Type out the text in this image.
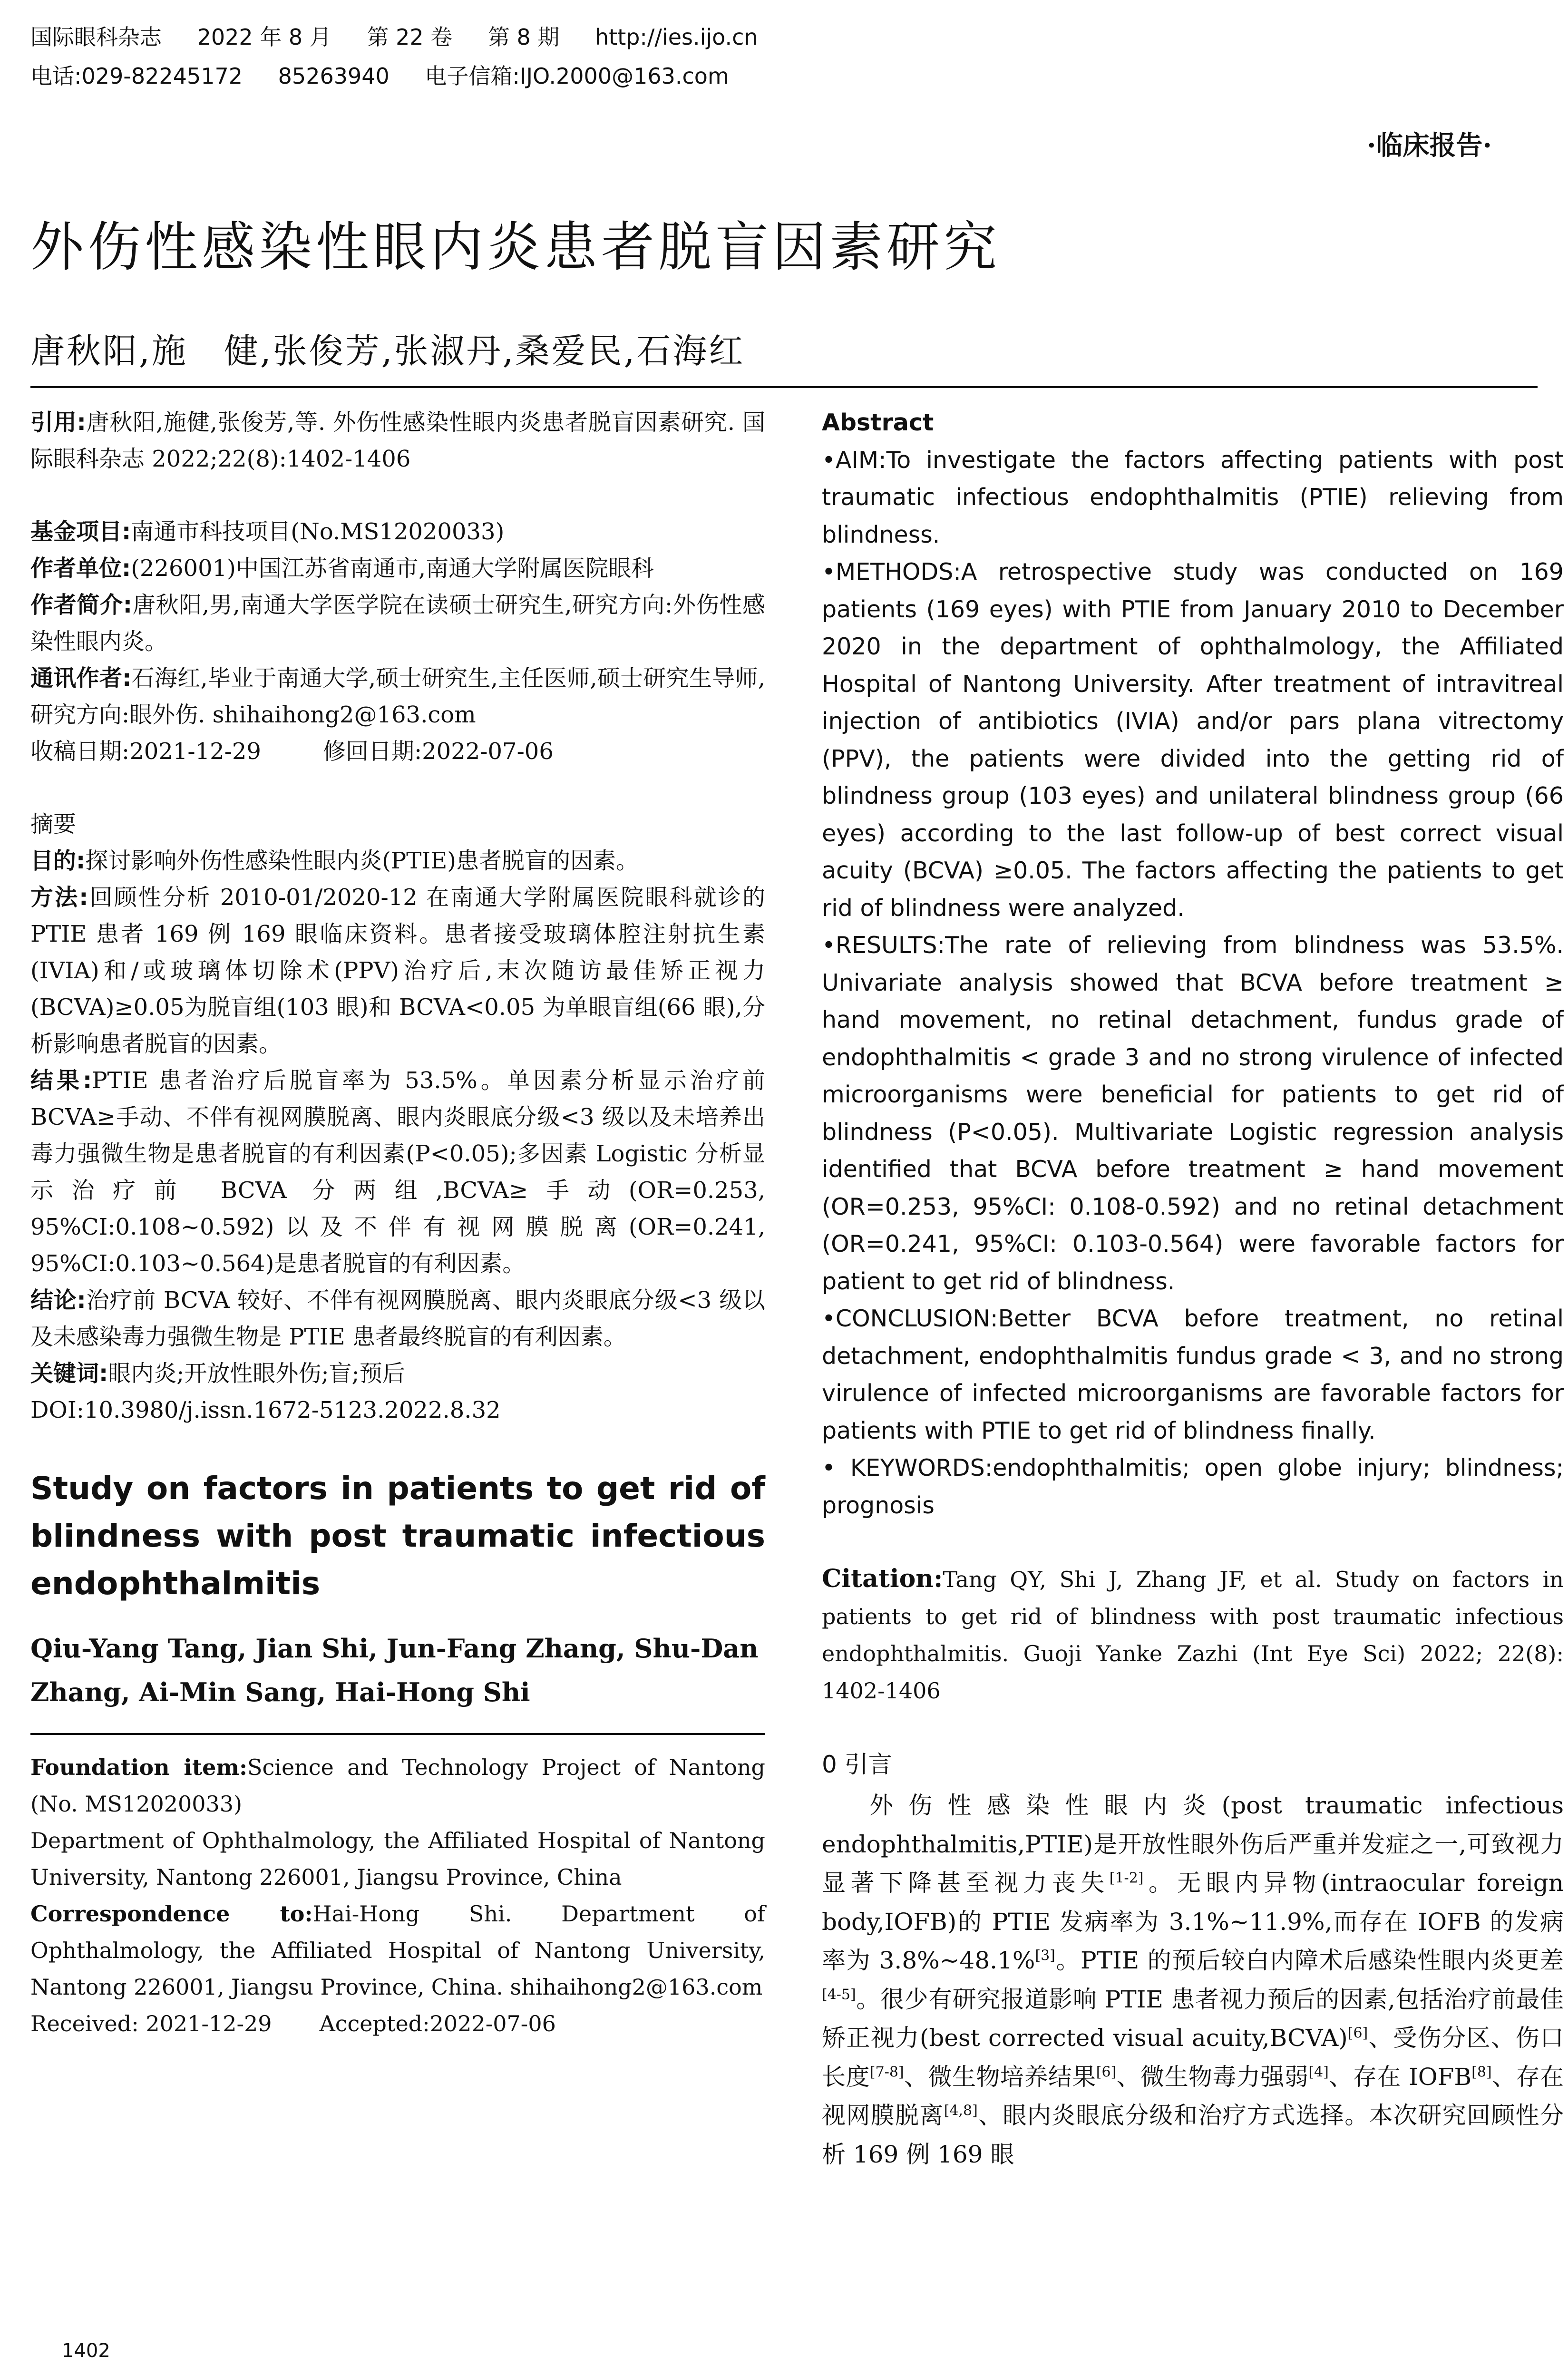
国际眼科杂志 2022 年 8 月 第 22 卷 第 8 期 http://ies.ijo.cn
电话:029-82245172 85263940 电子信箱:IJO.2000@163.com
·临床报告·
外伤性感染性眼内炎患者脱盲因素研究
唐秋阳,施　健,张俊芳,张淑丹,桑爱民,石海红

引用:唐秋阳,施健,张俊芳,等. 外伤性感染性眼内炎患者脱盲因素研究. 国际眼科杂志 2022;22(8):1402-1406

基金项目:南通市科技项目(No.MS12020033)

作者单位:(226001)中国江苏省南通市,南通大学附属医院眼科

作者简介:唐秋阳,男,南通大学医学院在读硕士研究生,研究方向:外伤性感染性眼内炎。

通讯作者:石海红,毕业于南通大学,硕士研究生,主任医师,硕士研究生导师,研究方向:眼外伤. shihaihong2@163.com

收稿日期:2021-12-29	修回日期:2022-07-06

摘要

目的:探讨影响外伤性感染性眼内炎(PTIE)患者脱盲的因素。

方法:回顾性分析 2010-01/2020-12 在南通大学附属医院眼科就诊的 PTIE 患者 169 例 169 眼临床资料。患者接受玻璃体腔注射抗生素(IVIA)和/或玻璃体切除术(PPV)治疗后,末次随访最佳矫正视力(BCVA)≥0.05为脱盲组(103 眼)和 BCVA<0.05 为单眼盲组(66 眼),分析影响患者脱盲的因素。

结果:PTIE 患者治疗后脱盲率为 53.5%。单因素分析显示治疗前 BCVA≥手动、不伴有视网膜脱离、眼内炎眼底分级<3 级以及未培养出毒力强微生物是患者脱盲的有利因素(P<0.05);多因素 Logistic 分析显示治疗前 BCVA 分两组,BCVA≥手动(OR=0.253, 95%CI:0.108~0.592)以及不伴有视网膜脱离(OR=0.241, 95%CI:0.103~0.564)是患者脱盲的有利因素。

结论:治疗前 BCVA 较好、不伴有视网膜脱离、眼内炎眼底分级<3 级以及未感染毒力强微生物是 PTIE 患者最终脱盲的有利因素。

关键词:眼内炎;开放性眼外伤;盲;预后

DOI:10.3980/j.issn.1672-5123.2022.8.32

Study on factors in patients to get rid of blindness with post traumatic infectious endophthalmitis

Qiu-Yang Tang, Jian Shi, Jun-Fang Zhang, Shu-Dan Zhang, Ai-Min Sang, Hai-Hong Shi

Foundation item:Science and Technology Project of Nantong (No. MS12020033)

Department of Ophthalmology, the Affiliated Hospital of Nantong University, Nantong 226001, Jiangsu Province, China

Correspondence to:Hai-Hong Shi. Department of Ophthalmology, the Affiliated Hospital of Nantong University, Nantong 226001, Jiangsu Province, China. shihaihong2@163.com

Received: 2021-12-29 Accepted:2022-07-06

Abstract

•AIM:To investigate the factors affecting patients with post traumatic infectious endophthalmitis (PTIE) relieving from blindness.

•METHODS:A retrospective study was conducted on 169 patients (169 eyes) with PTIE from January 2010 to December 2020 in the department of ophthalmology, the Affiliated Hospital of Nantong University. After treatment of intravitreal injection of antibiotics (IVIA) and/or pars plana vitrectomy (PPV), the patients were divided into the getting rid of blindness group (103 eyes) and unilateral blindness group (66 eyes) according to the last follow-up of best correct visual acuity (BCVA) ≥0.05. The factors affecting the patients to get rid of blindness were analyzed.

•RESULTS:The rate of relieving from blindness was 53.5%. Univariate analysis showed that BCVA before treatment ≥ hand movement, no retinal detachment, fundus grade of endophthalmitis < grade 3 and no strong virulence of infected microorganisms were beneficial for patients to get rid of blindness (P<0.05). Multivariate Logistic regression analysis identified that BCVA before treatment ≥ hand movement (OR=0.253, 95%CI: 0.108-0.592) and no retinal detachment (OR=0.241, 95%CI: 0.103-0.564) were favorable factors for patient to get rid of blindness.

•CONCLUSION:Better BCVA before treatment, no retinal detachment, endophthalmitis fundus grade < 3, and no strong virulence of infected microorganisms are favorable factors for patients with PTIE to get rid of blindness finally.

• KEYWORDS:endophthalmitis; open globe injury; blindness; prognosis

Citation:Tang QY, Shi J, Zhang JF, et al. Study on factors in patients to get rid of blindness with post traumatic infectious endophthalmitis. Guoji Yanke Zazhi (Int Eye Sci) 2022; 22(8): 1402-1406

0 引言

外伤性感染性眼内炎(post traumatic infectious endophthalmitis,PTIE)是开放性眼外伤后严重并发症之一,可致视力显著下降甚至视力丧失[1-2]。无眼内异物(intraocular foreign body,IOFB)的 PTIE 发病率为 3.1%~11.9%,而存在 IOFB 的发病率为 3.8%~48.1%[3]。PTIE 的预后较白内障术后感染性眼内炎更差[4-5]。很少有研究报道影响 PTIE 患者视力预后的因素,包括治疗前最佳矫正视力(best corrected visual acuity,BCVA)[6]、受伤分区、伤口长度[7-8]、微生物培养结果[6]、微生物毒力强弱[4]、存在 IOFB[8]、存在视网膜脱离[4,8]、眼内炎眼底分级和治疗方式选择。本次研究回顾性分析 169 例 169 眼

1402
